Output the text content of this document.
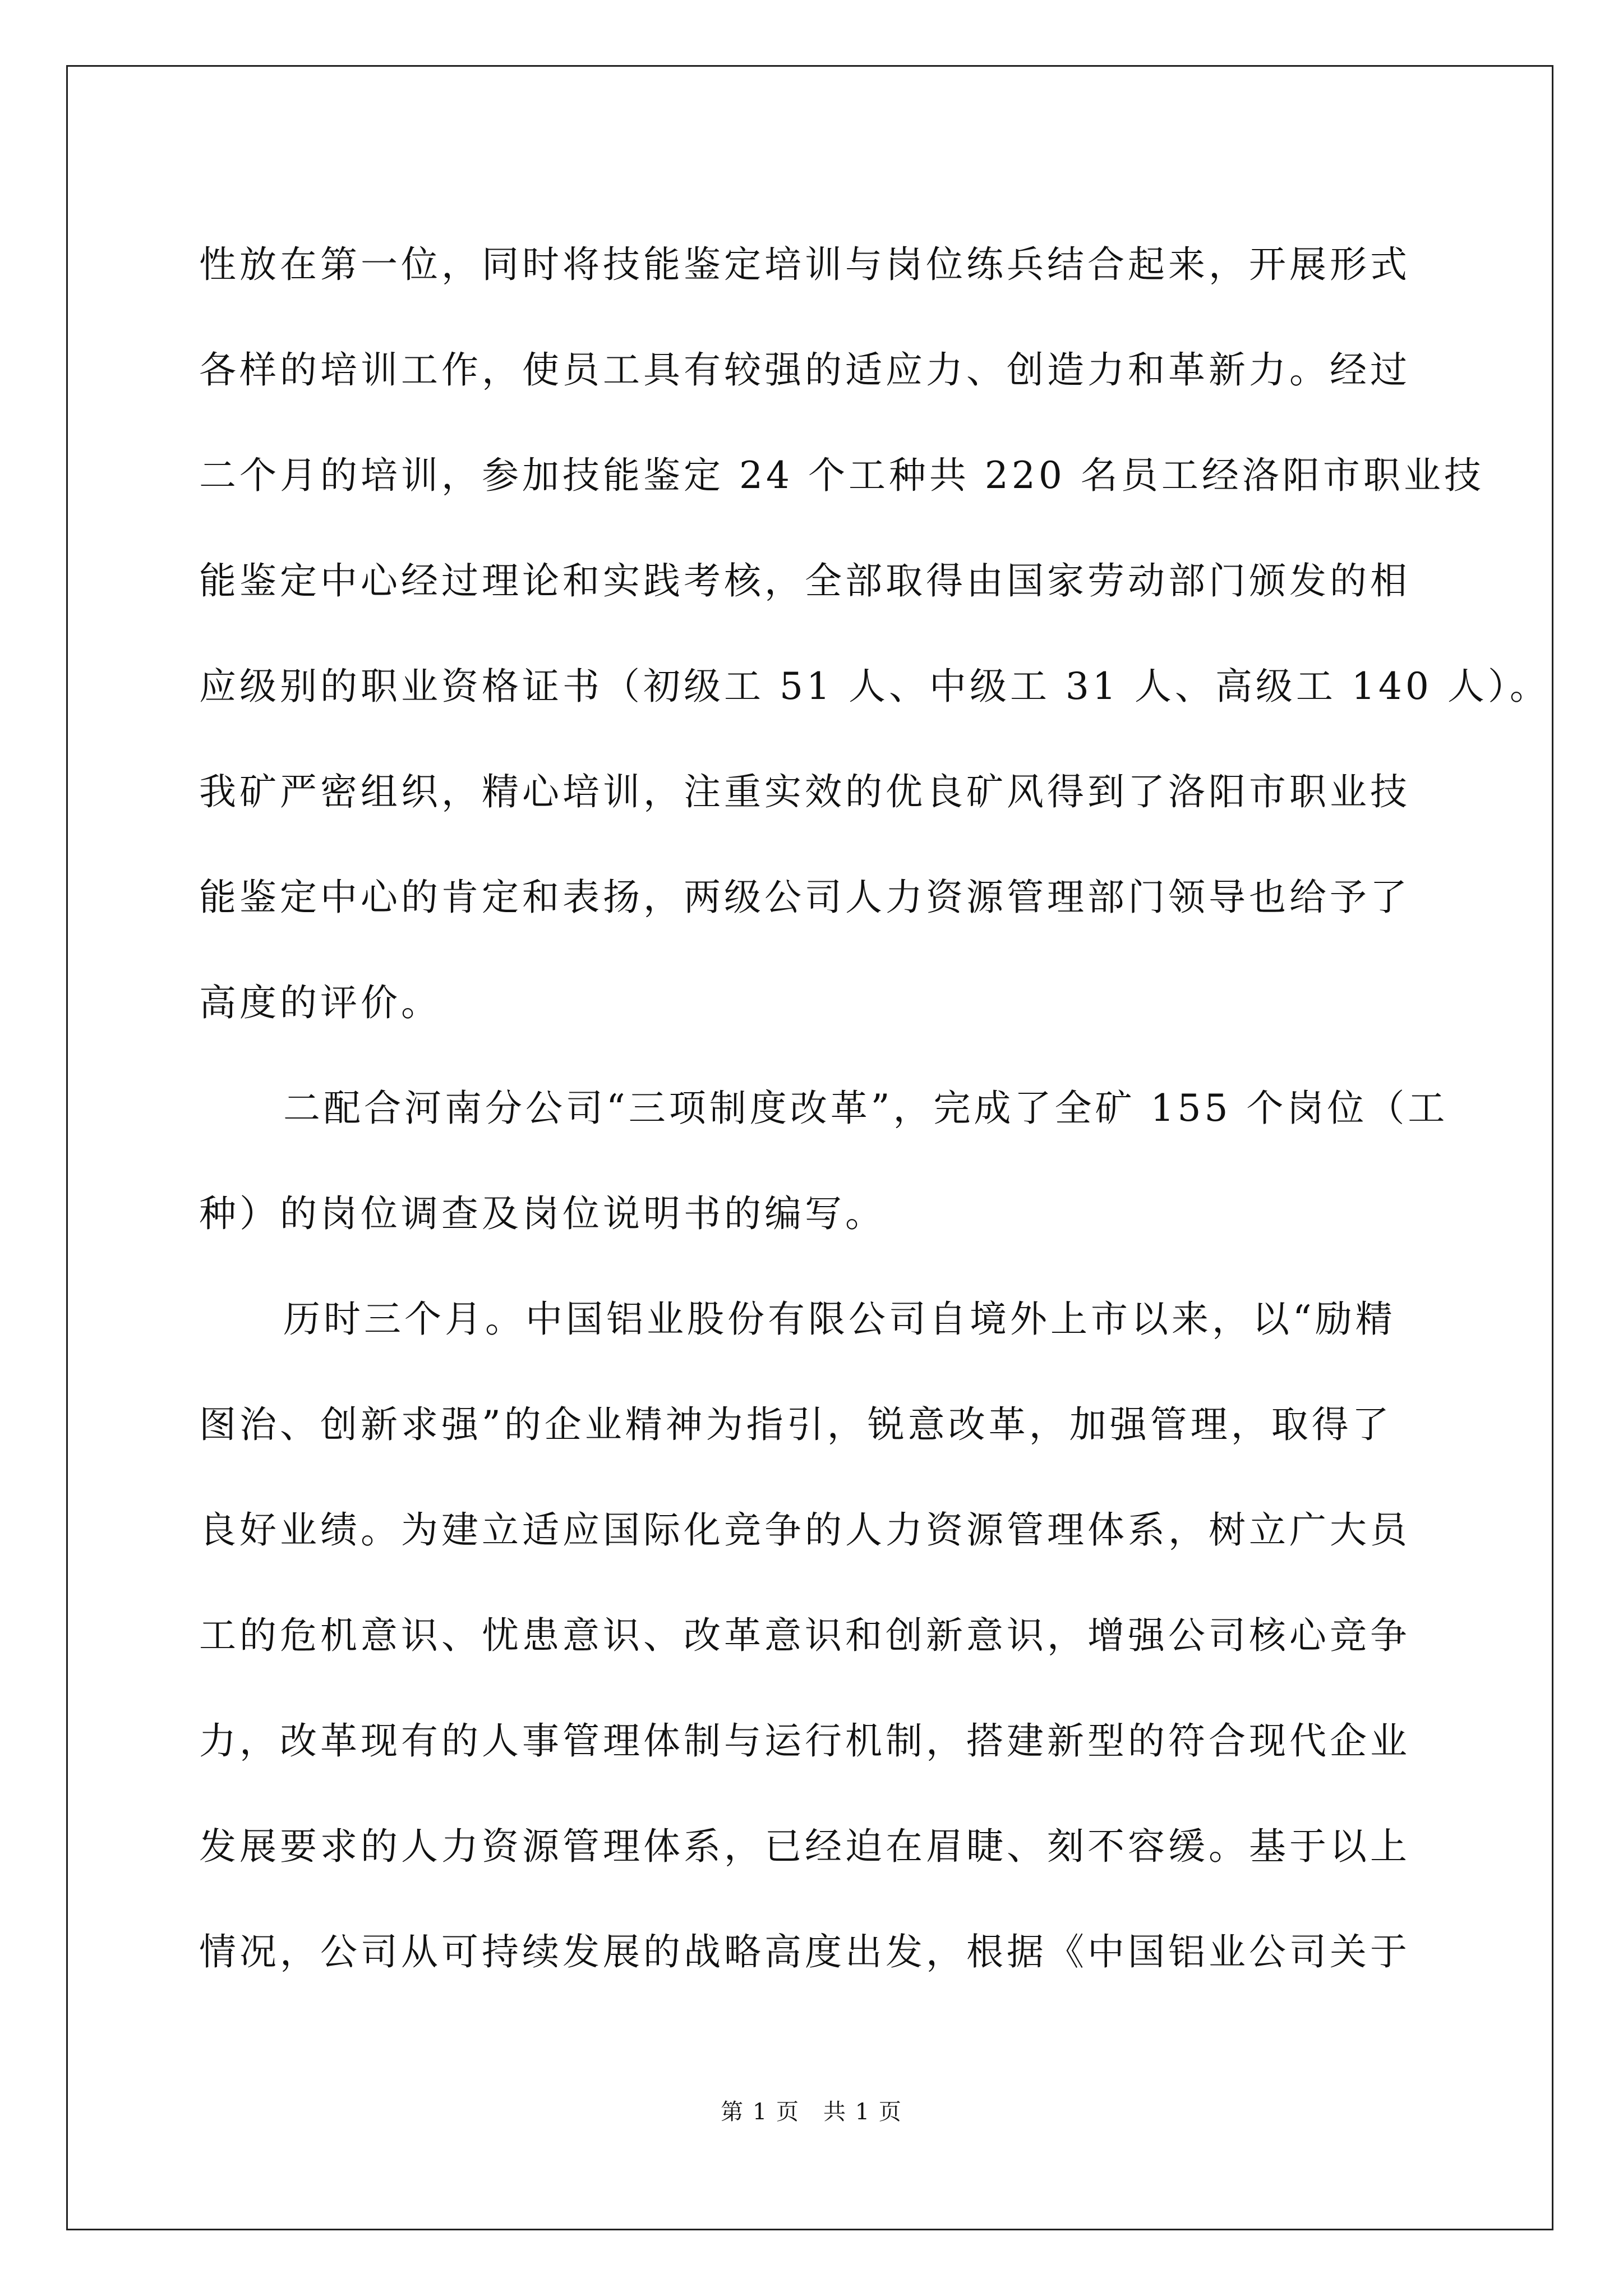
性放在第一位，同时将技能鉴定培训与岗位练兵结合起来，开展形式
各样的培训工作，使员工具有较强的适应力、创造力和革新力。经过
二个月的培训，参加技能鉴定 24 个工种共 220 名员工经洛阳市职业技
能鉴定中心经过理论和实践考核，全部取得由国家劳动部门颁发的相
应级别的职业资格证书（初级工 51 人、中级工 31 人、高级工 140 人）。
我矿严密组织，精心培训，注重实效的优良矿风得到了洛阳市职业技
能鉴定中心的肯定和表扬，两级公司人力资源管理部门领导也给予了
高度的评价。
二配合河南分公司“三项制度改革”，完成了全矿 155 个岗位（工
种）的岗位调查及岗位说明书的编写。
历时三个月。中国铝业股份有限公司自境外上市以来，以“励精
图治、创新求强”的企业精神为指引，锐意改革，加强管理，取得了
良好业绩。为建立适应国际化竞争的人力资源管理体系，树立广大员
工的危机意识、忧患意识、改革意识和创新意识，增强公司核心竞争
力，改革现有的人事管理体制与运行机制，搭建新型的符合现代企业
发展要求的人力资源管理体系，已经迫在眉睫、刻不容缓。基于以上
情况，公司从可持续发展的战略高度出发，根据《中国铝业公司关于
第 1 页　共 1 页
